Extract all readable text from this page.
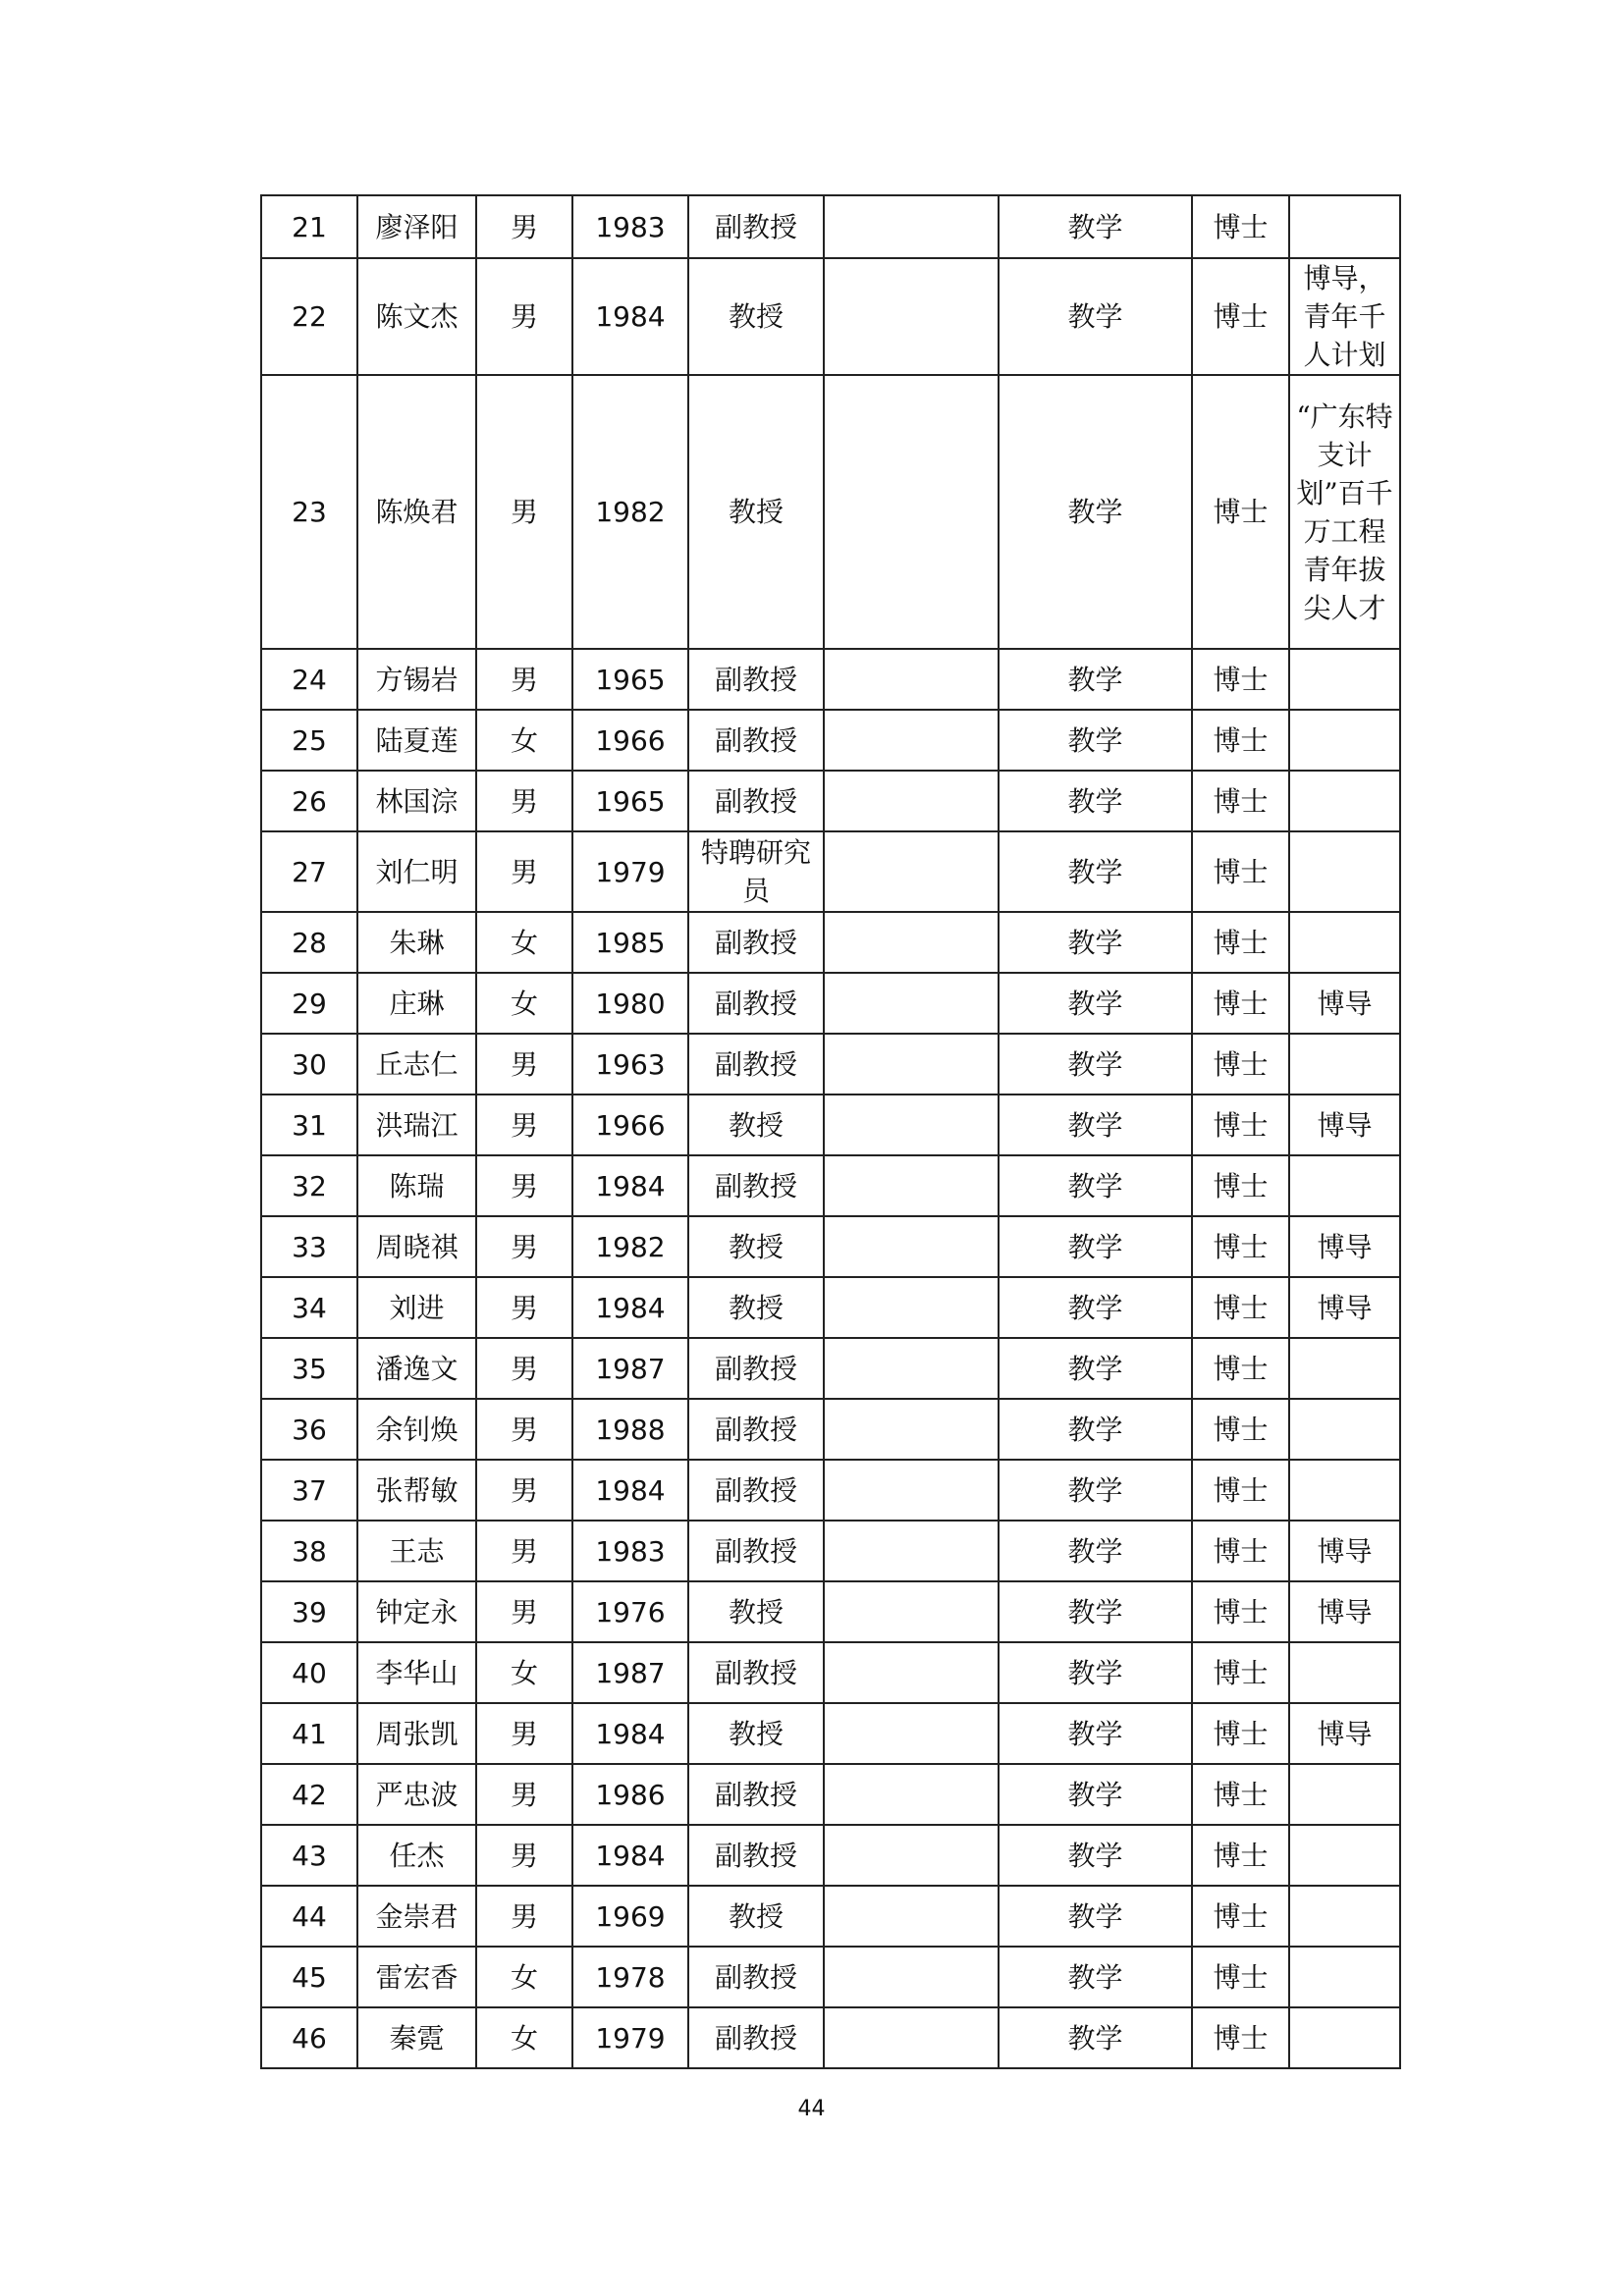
21	廖泽阳	男	1983	副教授		教学	博士	
22	陈文杰	男	1984	教授		教学	博士	博导，青年千人计划
23	陈焕君	男	1982	教授		教学	博士	“广东特支计划”百千万工程青年拔尖人才
24	方锡岩	男	1965	副教授		教学	博士	
25	陆夏莲	女	1966	副教授		教学	博士	
26	林国淙	男	1965	副教授		教学	博士	
27	刘仁明	男	1979	特聘研究员		教学	博士	
28	朱琳	女	1985	副教授		教学	博士	
29	庄琳	女	1980	副教授		教学	博士	博导
30	丘志仁	男	1963	副教授		教学	博士	
31	洪瑞江	男	1966	教授		教学	博士	博导
32	陈瑞	男	1984	副教授		教学	博士	
33	周晓祺	男	1982	教授		教学	博士	博导
34	刘进	男	1984	教授		教学	博士	博导
35	潘逸文	男	1987	副教授		教学	博士	
36	余钊焕	男	1988	副教授		教学	博士	
37	张帮敏	男	1984	副教授		教学	博士	
38	王志	男	1983	副教授		教学	博士	博导
39	钟定永	男	1976	教授		教学	博士	博导
40	李华山	女	1987	副教授		教学	博士	
41	周张凯	男	1984	教授		教学	博士	博导
42	严忠波	男	1986	副教授		教学	博士	
43	任杰	男	1984	副教授		教学	博士	
44	金崇君	男	1969	教授		教学	博士	
45	雷宏香	女	1978	副教授		教学	博士	
46	秦霓	女	1979	副教授		教学	博士	
44
